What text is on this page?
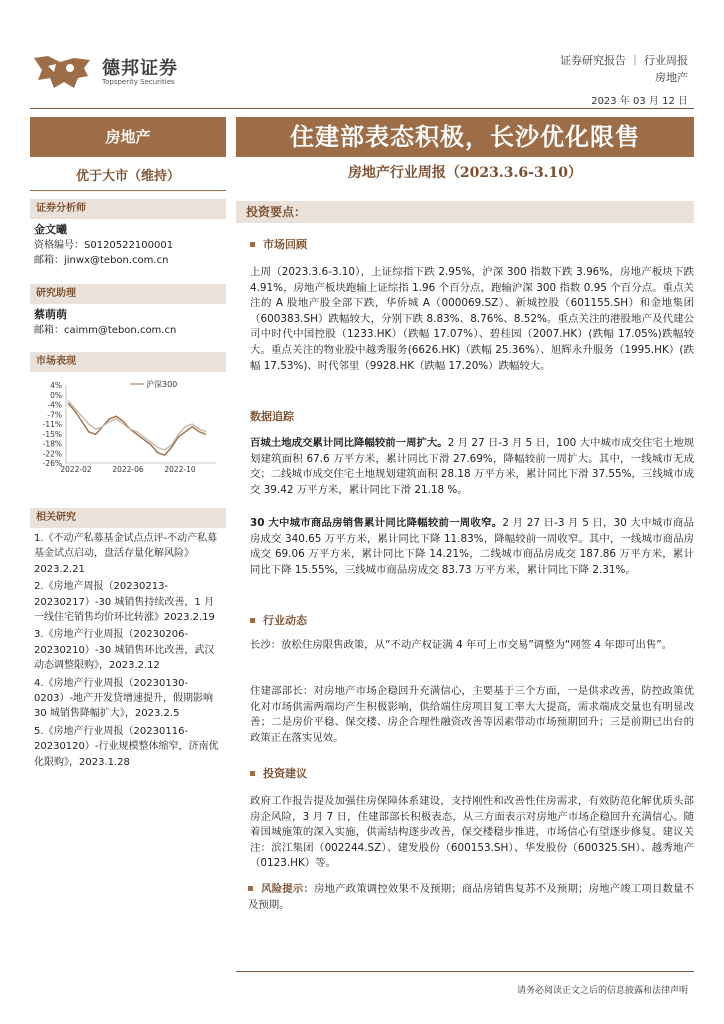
德邦证券
Topsperity Securities
证券研究报告 ｜ 行业周报
房地产
2023 年 03 月 12 日
房地产	住建部表态积极，长沙优化限售
房地产行业周报（2023.3.6-3.10）
优于大市（维持）
证券分析师
金文曦
资格编号：S0120522100001
邮箱：jinwx@tebon.com.cn
研究助理
蔡萌萌
邮箱：caimm@tebon.com.cn
市场表现
4%
0%
-4%
-7%
-11%
-15%
-18%
-22%
-26%
2022-02	2022-06	2022-10
沪深300
相关研究
1.《不动产私募基金试点点评-不动产私募基金试点启动，盘活存量化解风险》2023.2.21
2.《房地产周报（20230213-20230217）-30 城销售持续改善，1 月一线住宅销售均价环比转涨》2023.2.19
3.《房地产行业周报（20230206-20230210）-30 城销售环比改善，武汉动态调整限购》，2023.2.12
4.《房地产行业周报（20230130-0203）-地产开发贷增速提升，假期影响 30 城销售降幅扩大》，2023.2.5
5.《房地产行业周报（20230116-20230120）-行业规模整体缩窄，济南优化限购》，2023.1.28
投资要点：
市场回顾
上周（2023.3.6-3.10），上证综指下跌 2.95%，沪深 300 指数下跌 3.96%，房地产板块下跌 4.91%，房地产板块跑输上证综指 1.96 个百分点，跑输沪深 300 指数 0.95 个百分点。重点关注的 A 股地产股全部下跌，华侨城 A（000069.SZ）、新城控股（601155.SH）和金地集团（600383.SH）跌幅较大，分别下跌 8.83%、8.76%、8.52%。重点关注的港股地产及代建公司中时代中国控股（1233.HK）（跌幅 17.07%）、碧桂园（2007.HK）(跌幅 17.05%)跌幅较大。重点关注的物业股中越秀服务(6626.HK)（跌幅 25.36%）、旭辉永升服务（1995.HK）(跌幅 17.53%)、时代邻里（9928.HK（跌幅 17.20%）跌幅较大。
数据追踪
百城土地成交累计同比降幅较前一周扩大。2 月 27 日-3 月 5 日，100 大中城市成交住宅土地规划建筑面积 67.6 万平方米，累计同比下滑 27.69%，降幅较前一周扩大。其中，一线城市无成交；二线城市成交住宅土地规划建筑面积 28.18 万平方米，累计同比下滑 37.55%，三线城市成交 39.42 万平方米，累计同比下滑 21.18 %。
30 大中城市商品房销售累计同比降幅较前一周收窄。2 月 27 日-3 月 5 日，30 大中城市商品房成交 340.65 万平方米，累计同比下降 11.83%，降幅较前一周收窄。其中，一线城市商品房成交 69.06 万平方米，累计同比下降 14.21%，二线城市商品房成交 187.86 万平方米，累计同比下降 15.55%，三线城市商品房成交 83.73 万平方米，累计同比下降 2.31%。
行业动态
长沙：放松住房限售政策，从“不动产权证满 4 年可上市交易”调整为“网签 4 年即可出售”。
住建部部长：对房地产市场企稳回升充满信心，主要基于三个方面，一是供求改善，防控政策优化对市场供需两端均产生积极影响，供给端住房项目复工率大大提高，需求端成交量也有明显改善；二是房价平稳、保交楼、房企合理性融资改善等因素带动市场预期回升；三是前期已出台的政策正在落实见效。
投资建议
政府工作报告提及加强住房保障体系建设，支持刚性和改善性住房需求，有效防范化解优质头部房企风险，3 月 7 日，住建部部长积极表态，从三方面表示对房地产市场企稳回升充满信心。随着国城施策的深入实施，供需结构逐步改善，保交楼稳步推进，市场信心有望逐步修复。建议关注：滨江集团（002244.SZ）、建发股份（600153.SH）、华发股份（600325.SH）、越秀地产（0123.HK）等。
风险提示：房地产政策调控效果不及预期；商品房销售复苏不及预期；房地产竣工项目数量不及预期。
请务必阅读正文之后的信息披露和法律声明
